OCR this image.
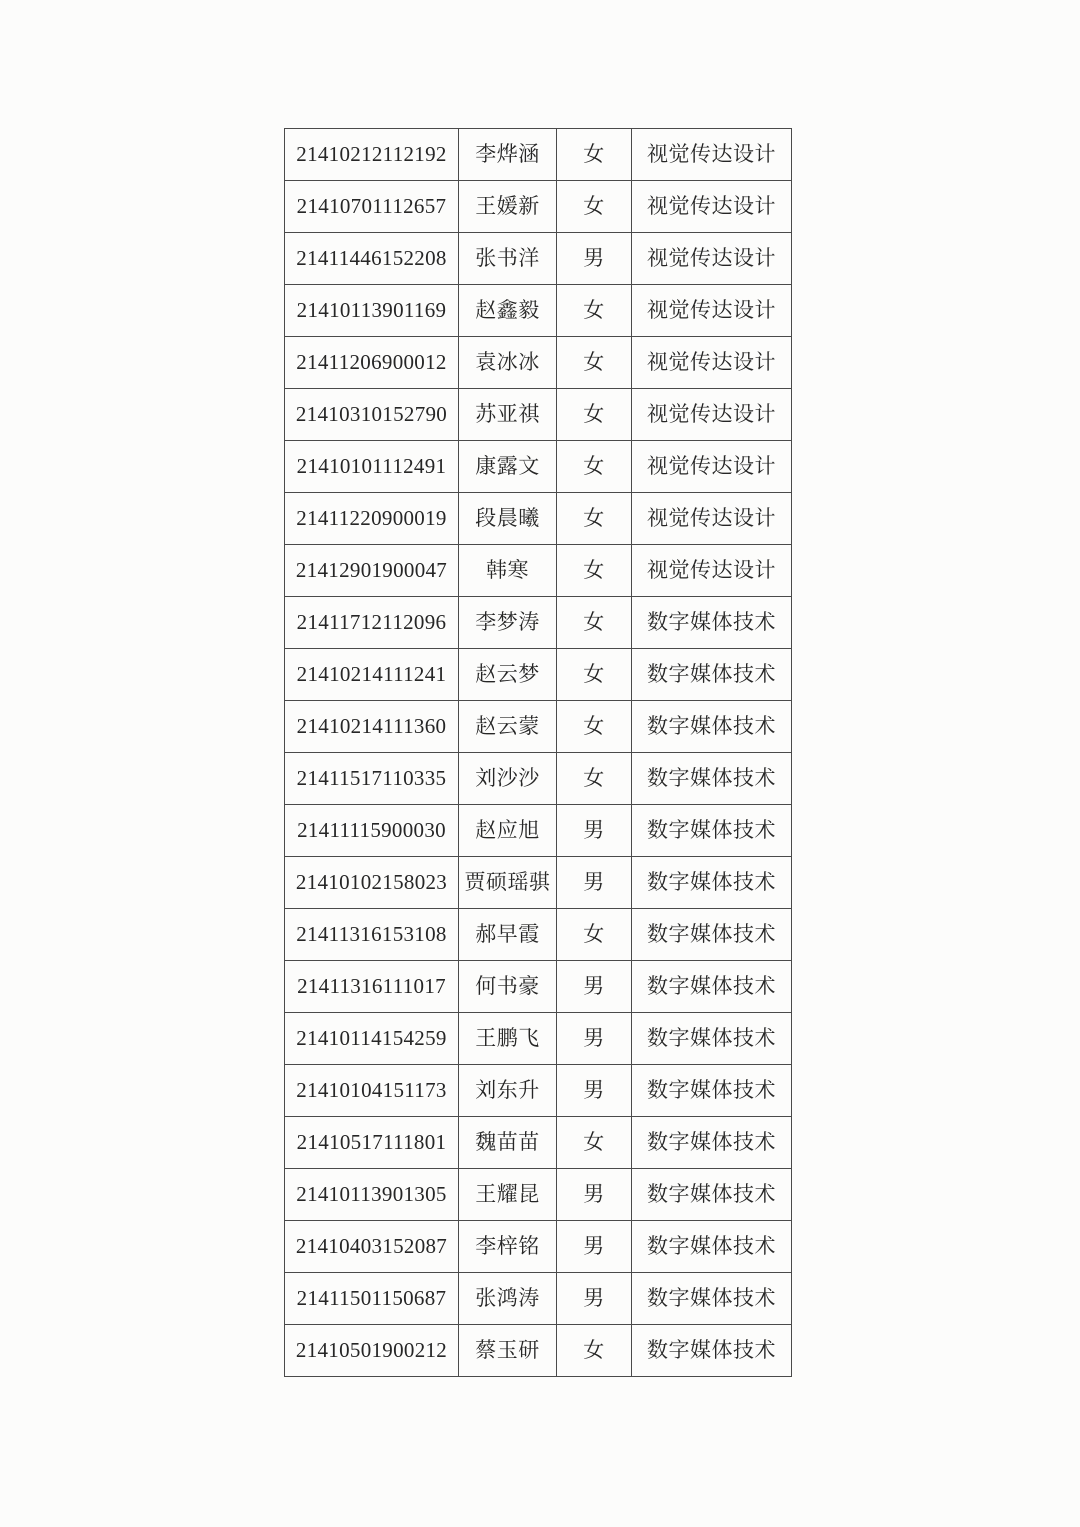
21410212112192	李烨涵	女	视觉传达设计
21410701112657	王媛新	女	视觉传达设计
21411446152208	张书洋	男	视觉传达设计
21410113901169	赵鑫毅	女	视觉传达设计
21411206900012	袁冰冰	女	视觉传达设计
21410310152790	苏亚祺	女	视觉传达设计
21410101112491	康露文	女	视觉传达设计
21411220900019	段晨曦	女	视觉传达设计
21412901900047	韩寒	女	视觉传达设计
21411712112096	李梦涛	女	数字媒体技术
21410214111241	赵云梦	女	数字媒体技术
21410214111360	赵云蒙	女	数字媒体技术
21411517110335	刘沙沙	女	数字媒体技术
21411115900030	赵应旭	男	数字媒体技术
21410102158023	贾硕瑶骐	男	数字媒体技术
21411316153108	郝早霞	女	数字媒体技术
21411316111017	何书豪	男	数字媒体技术
21410114154259	王鹏飞	男	数字媒体技术
21410104151173	刘东升	男	数字媒体技术
21410517111801	魏苗苗	女	数字媒体技术
21410113901305	王耀昆	男	数字媒体技术
21410403152087	李梓铭	男	数字媒体技术
21411501150687	张鸿涛	男	数字媒体技术
21410501900212	蔡玉研	女	数字媒体技术
